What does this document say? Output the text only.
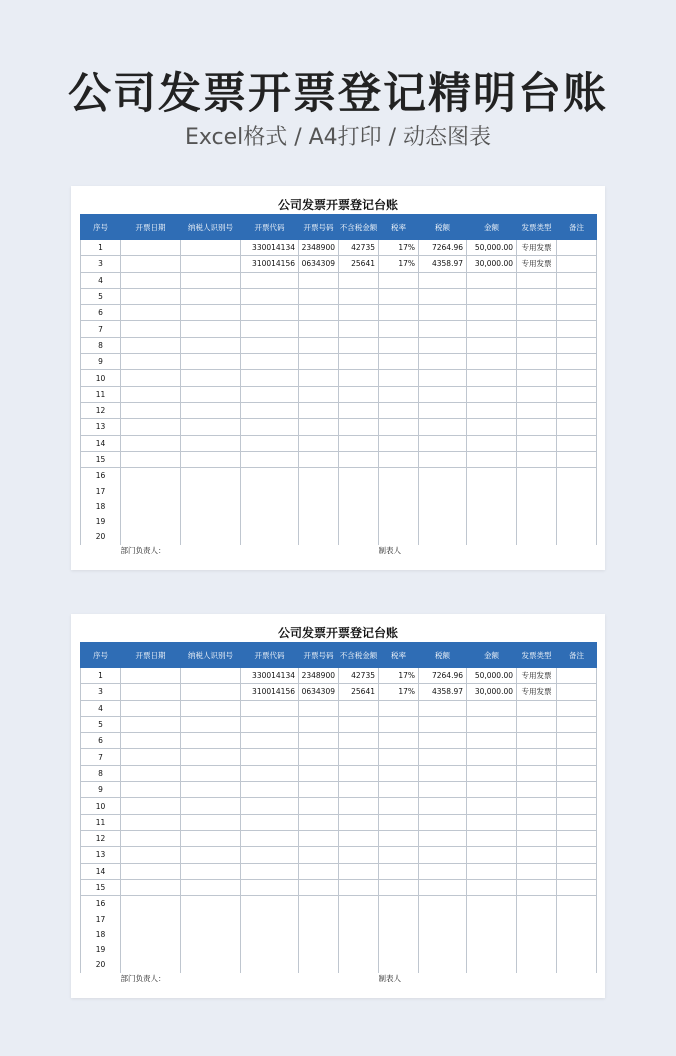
公司发票开票登记精明台账
Excel格式 / A4打印 / 动态图表
公司发票开票登记台账
序号	开票日期	纳税人识别号	开票代码	开票号码	不含税金额	税率	税额	金额	发票类型	备注
1			330014134	2348900	42735	17%	7264.96	50,000.00	专用发票	
3			310014156	0634309	25641	17%	4358.97	30,000.00	专用发票	
4										
5										
6										
7										
8										
9										
10										
11										
12										
13										
14										
15										
16										
17										
18										
19										
20										
	部门负责人：					制表人				
公司发票开票登记台账
序号	开票日期	纳税人识别号	开票代码	开票号码	不含税金额	税率	税额	金额	发票类型	备注
1			330014134	2348900	42735	17%	7264.96	50,000.00	专用发票	
3			310014156	0634309	25641	17%	4358.97	30,000.00	专用发票	
4										
5										
6										
7										
8										
9										
10										
11										
12										
13										
14										
15										
16										
17										
18										
19										
20										
	部门负责人：					制表人				
